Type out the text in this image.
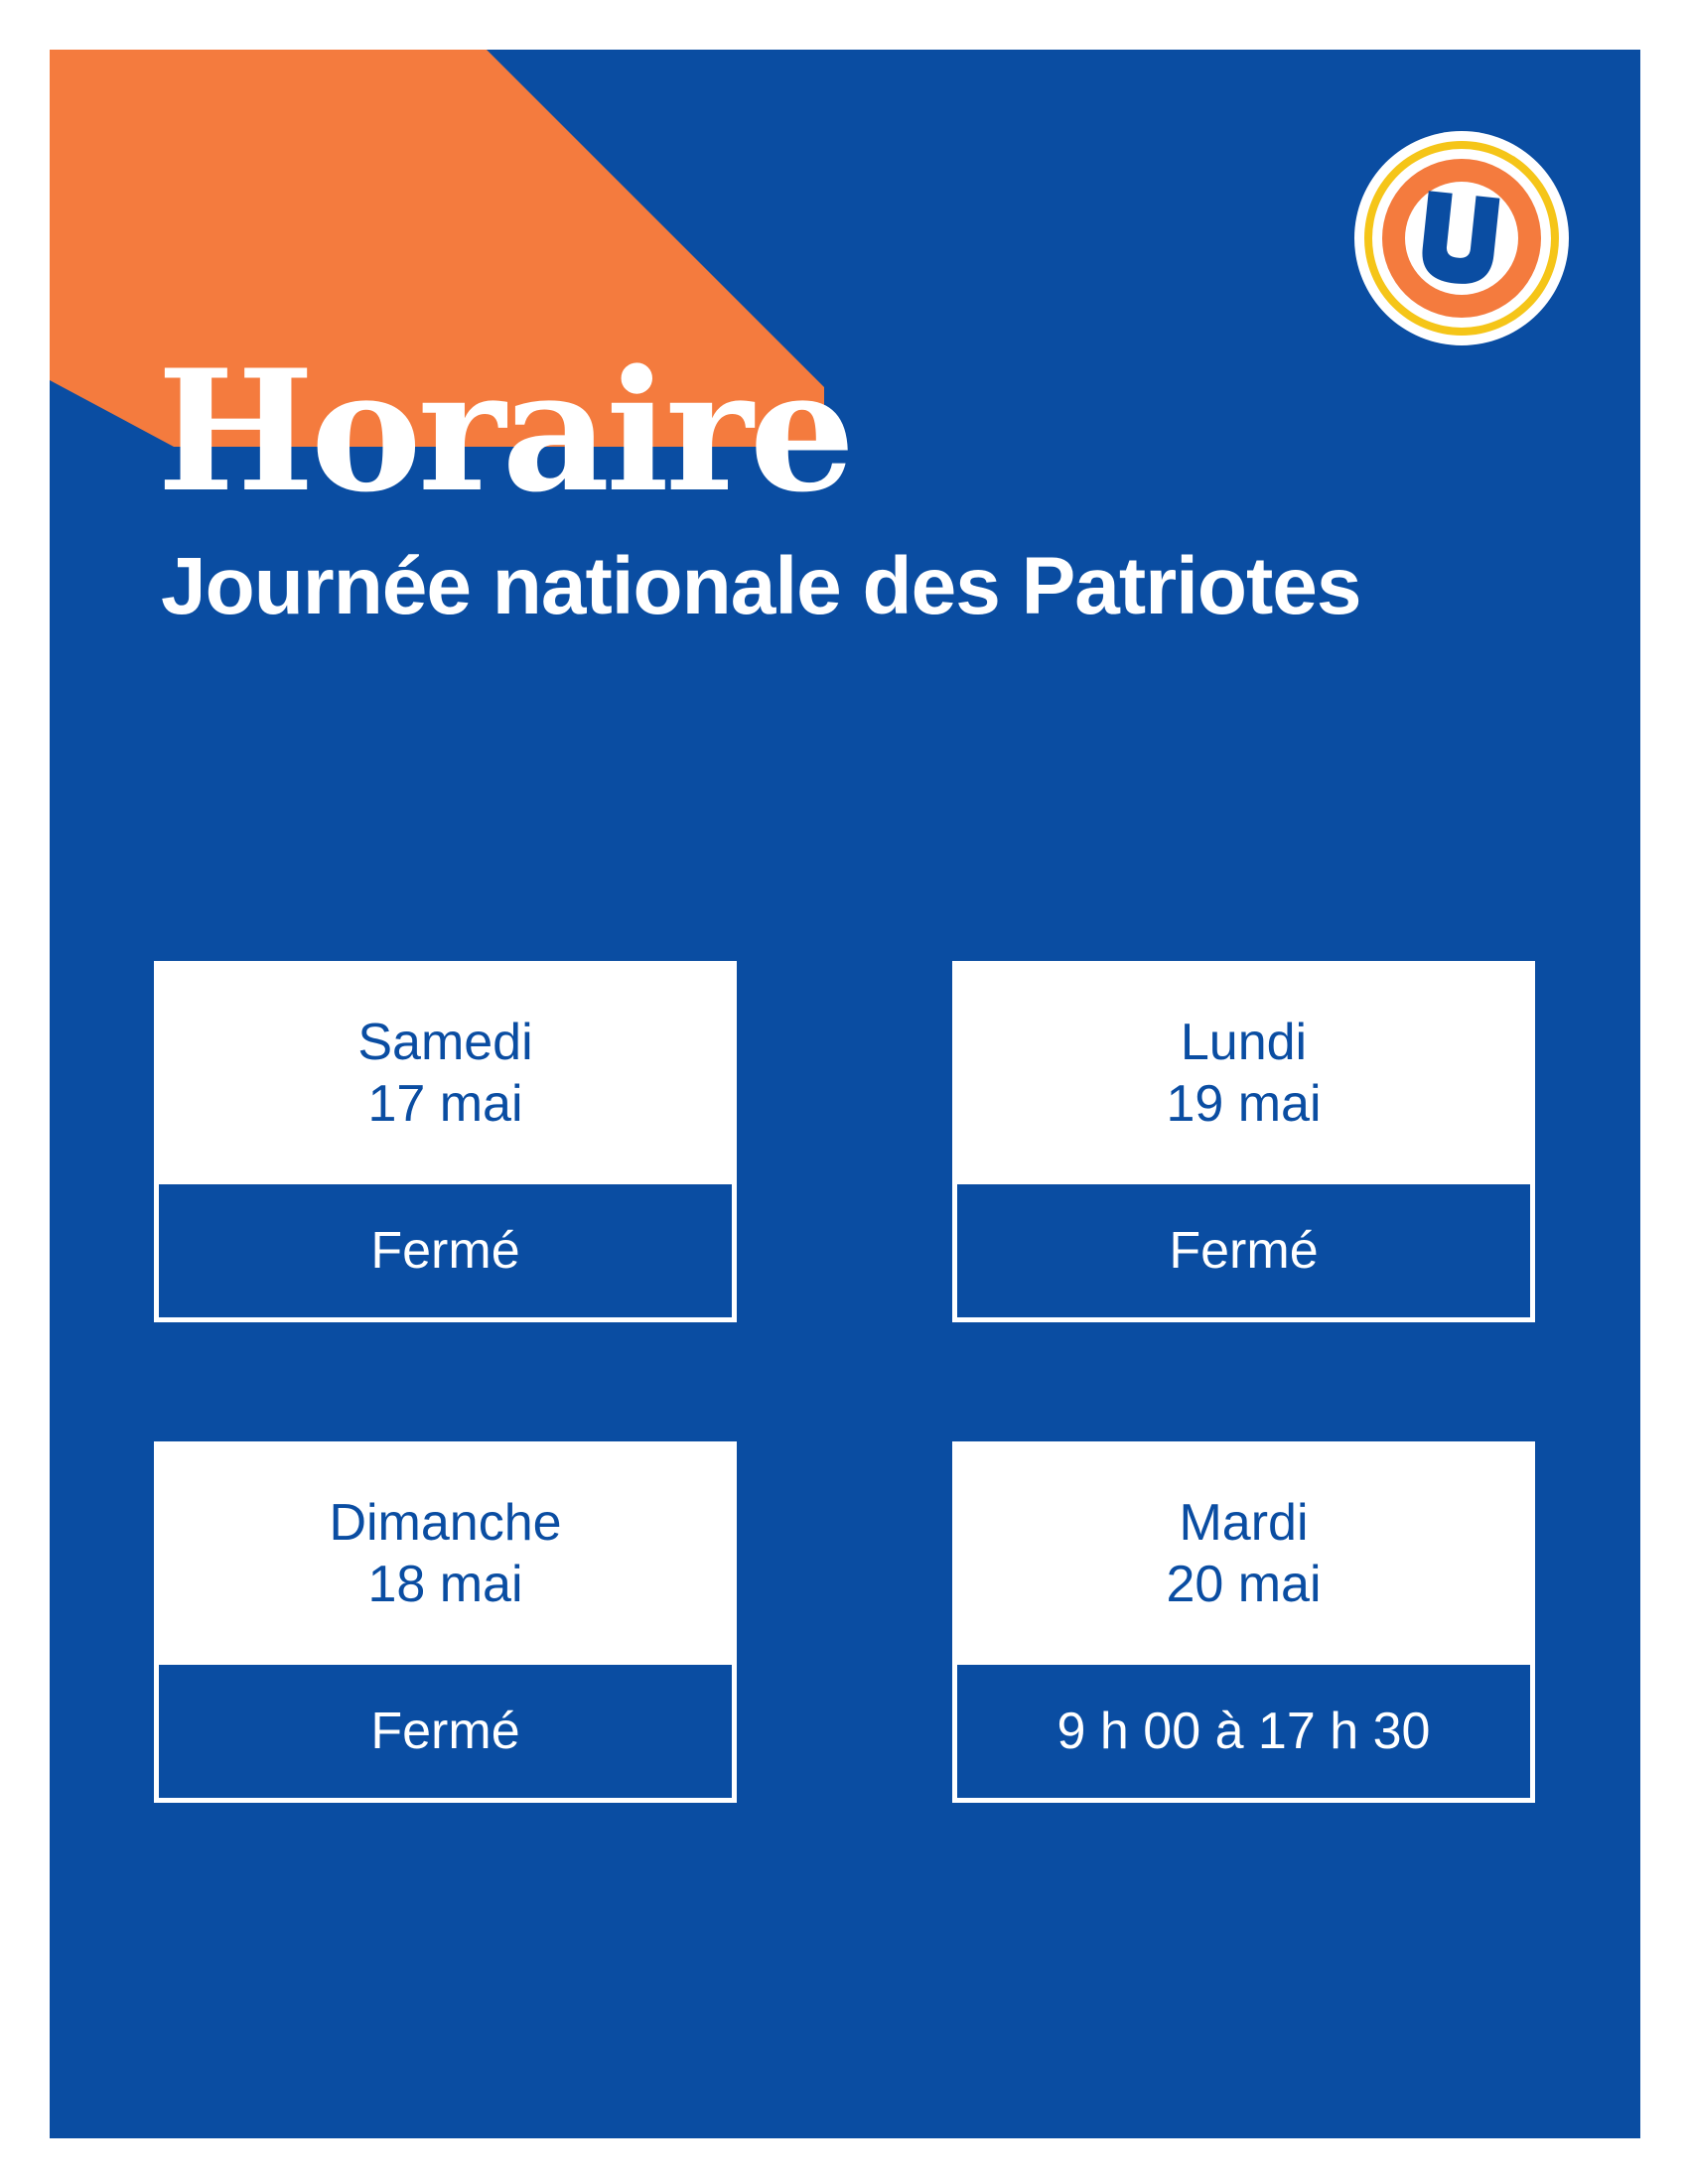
Horaire
Journée nationale des Patriotes
Samedi
17 mai
Fermé
Lundi
19 mai
Fermé
Dimanche
18 mai
Fermé
Mardi
20 mai
9 h 00 à 17 h 30
